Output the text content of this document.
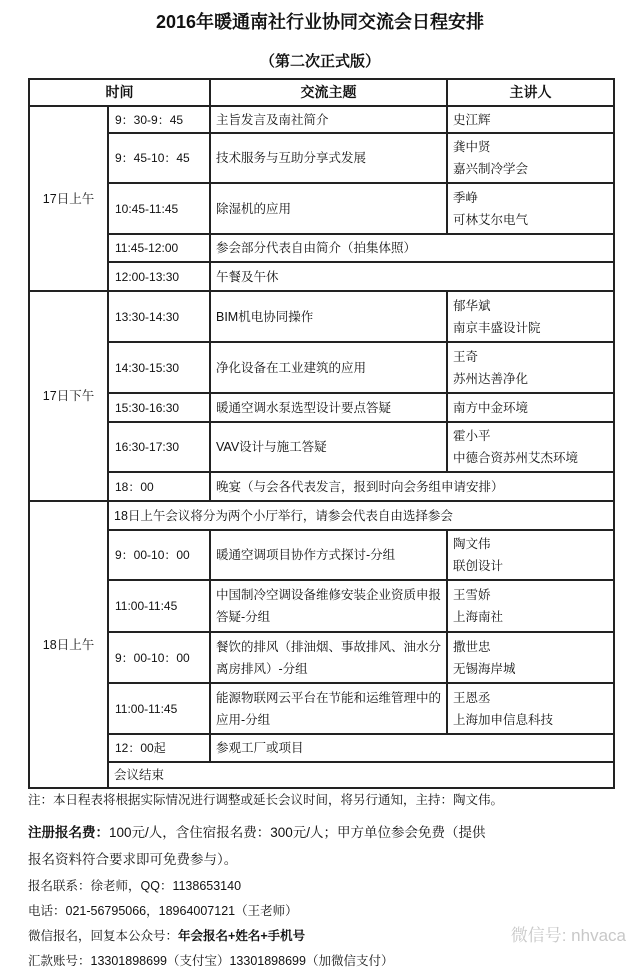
2016年暖通南社行业协同交流会日程安排
（第二次正式版）
时间		交流主题	主讲人
17日上午	9：30-9：45	主旨发言及南社简介	史江辉

	9：45-10：45	技术服务与互助分享式发展	龚中贤
嘉兴制冷学会

	10:45-11:45	除湿机的应用	季峥
可林艾尔电气

	11:45-12:00	参会部分代表自由简介（拍集体照）	
	12:00-13:30	午餐及午休	
17日下午	13:30-14:30	BIM机电协同操作	郁华斌
南京丰盛设计院

	14:30-15:30	净化设备在工业建筑的应用	王奇
苏州达善净化

	15:30-16:30	暖通空调水泵选型设计要点答疑	南方中金环境

	16:30-17:30	VAV设计与施工答疑	霍小平
中德合资苏州艾杰环境

	18：00	晚宴（与会各代表发言，报到时向会务组申请安排）	
18日上午	18日上午会议将分为两个小厅举行，请参会代表自由选择参会		
	9：00-10：00	暖通空调项目协作方式探讨-分组	陶文伟
联创设计

	11:00-11:45	中国制冷空调设备维修安装企业资质申报答疑-分组	王雪娇
上海南社

	9：00-10：00	餐饮的排风（排油烟、事故排风、油水分离房排风）-分组	撒世忠
无锡海岸城

	11:00-11:45	能源物联网云平台在节能和运维管理中的应用-分组	王恩丞
上海加申信息科技

	12：00起	参观工厂或项目	
	会议结束		
注：本日程表将根据实际情况进行调整或延长会议时间，将另行通知，主持：陶文伟。
注册报名费：100元/人，含住宿报名费：300元/人；甲方单位参会免费（提供
报名资料符合要求即可免费参与）。
报名联系：徐老师，QQ：1138653140
电话：021-56795066，18964007121（王老师）
微信报名，回复本公众号：年会报名+姓名+手机号
汇款账号：13301898699（支付宝）13301898699（加微信支付）
微信号: nhvaca
